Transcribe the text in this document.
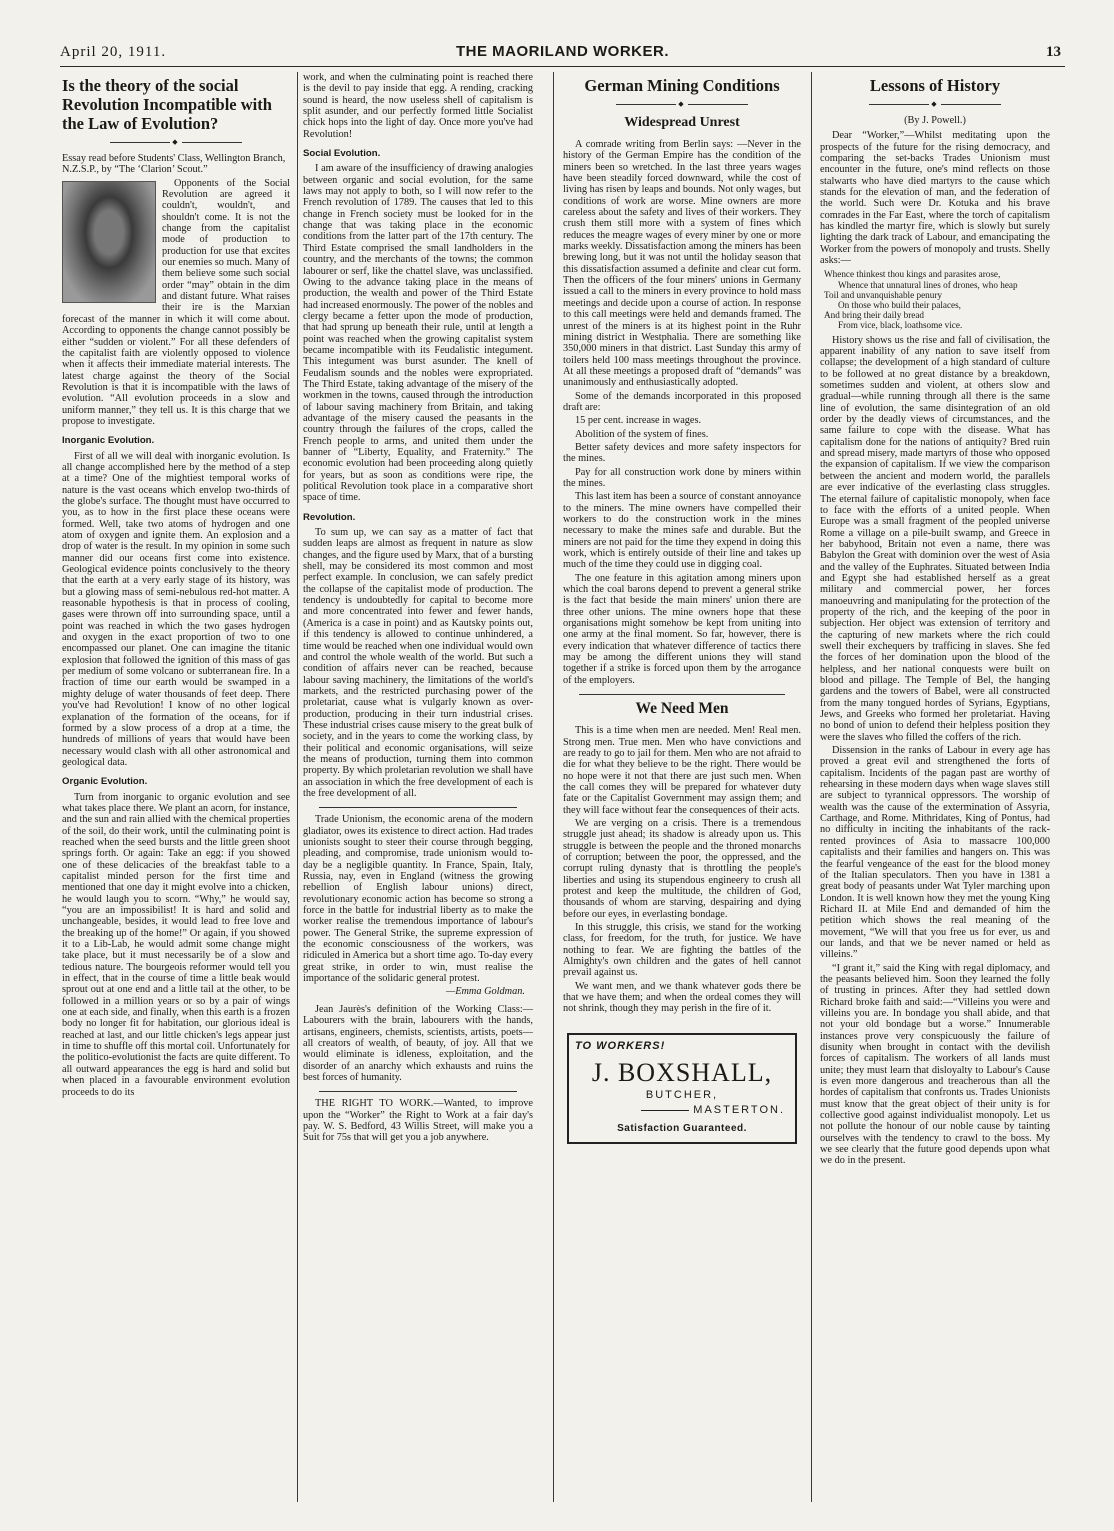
April 20, 1911.	THE MAORILAND WORKER.	13
Is the theory of the social Revolution Incompatible with the Law of Evolution?
◆

Essay read before Students' Class, Wellington Branch, N.Z.S.P., by “The ‘Clarion’ Scout.”

Opponents of the Social Revolution are agreed it couldn't, wouldn't, and shouldn't come. It is not the change from the capitalist mode of production to production for use that excites our enemies so much. Many of them believe some such social order “may” obtain in the dim and distant future. What raises their ire is the Marxian forecast of the manner in which it will come about. According to opponents the change cannot possibly be either “sudden or violent.” For all these defenders of the capitalist faith are violently opposed to violence when it affects their immediate material interests. The latest charge against the theory of the Social Revolution is that it is incompatible with the laws of evolution. “All evolution proceeds in a slow and uniform manner,” they tell us. It is this charge that we propose to investigate.

Inorganic Evolution.

First of all we will deal with inorganic evolution. Is all change accomplished here by the method of a step at a time? One of the mightiest temporal works of nature is the vast oceans which envelop two-thirds of the globe's surface. The thought must have occurred to you, as to how in the first place these oceans were formed. Well, take two atoms of hydrogen and one atom of oxygen and ignite them. An explosion and a drop of water is the result. In my opinion in some such manner did our oceans first come into existence. Geological evidence points conclusively to the theory that the earth at a very early stage of its history, was but a glowing mass of semi-nebulous red-hot matter. A reasonable hypothesis is that in process of cooling, gases were thrown off into surrounding space, until a point was reached in which the two gases hydrogen and oxygen in the exact proportion of two to one encompassed our planet. One can imagine the titanic explosion that followed the ignition of this mass of gas per medium of some volcano or subterranean fire. In a fraction of time our earth would be swamped in a mighty deluge of water thousands of feet deep. There you've had Revolution! I know of no other logical explanation of the formation of the oceans, for if formed by a slow process of a drop at a time, the hundreds of millions of years that would have been necessary would clash with all other astronomical and geological data.

Organic Evolution.

Turn from inorganic to organic evolution and see what takes place there. We plant an acorn, for instance, and the sun and rain allied with the chemical properties of the soil, do their work, until the culminating point is reached when the seed bursts and the little green shoot springs forth. Or again: Take an egg: if you showed one of these delicacies of the breakfast table to a capitalist minded person for the first time and mentioned that one day it might evolve into a chicken, he would laugh you to scorn. “Why,” he would say, “you are an impossibilist! It is hard and solid and unchangeable, besides, it would lead to free love and the breaking up of the home!” Or again, if you showed it to a Lib-Lab, he would admit some change might take place, but it must necessarily be of a slow and tedious nature. The bourgeois reformer would tell you in effect, that in the course of time a little beak would sprout out at one end and a little tail at the other, to be followed in a million years or so by a pair of wings one at each side, and finally, when this earth is a frozen body no longer fit for habitation, our glorious ideal is reached at last, and our little chicken's legs appear just in time to shuffle off this mortal coil. Unfortunately for the politico-evolutionist the facts are quite different. To all outward appearances the egg is hard and solid but when placed in a favourable environment evolution proceeds to do its

work, and when the culminating point is reached there is the devil to pay inside that egg. A rending, cracking sound is heard, the now useless shell of capitalism is split asunder, and our perfectly formed little Socialist chick hops into the light of day. Once more you've had Revolution!

Social Evolution.

I am aware of the insufficiency of drawing analogies between organic and social evolution, for the same laws may not apply to both, so I will now refer to the French revolution of 1789. The causes that led to this change in French society must be looked for in the change that was taking place in the economic conditions from the latter part of the 17th century. The Third Estate comprised the small landholders in the country, and the merchants of the towns; the common labourer or serf, like the chattel slave, was unclassified. Owing to the advance taking place in the means of production, the wealth and power of the Third Estate had increased enormously. The power of the nobles and clergy became a fetter upon the mode of production, that had sprung up beneath their rule, until at length a point was reached when the growing capitalist system became incompatible with its Feudalistic integument. This integument was burst asunder. The knell of Feudalism sounds and the nobles were expropriated. The Third Estate, taking advantage of the misery of the workmen in the towns, caused through the introduction of labour saving machinery from Britain, and taking advantage of the misery caused the peasants in the country through the failures of the crops, called the French people to arms, and united them under the banner of “Liberty, Equality, and Fraternity.” The economic evolution had been proceeding along quietly for years, but as soon as conditions were ripe, the political Revolution took place in a comparative short space of time.

Revolution.

To sum up, we can say as a matter of fact that sudden leaps are almost as frequent in nature as slow changes, and the figure used by Marx, that of a bursting shell, may be considered its most common and most perfect example. In conclusion, we can safely predict the collapse of the capitalist mode of production. The tendency is undoubtedly for capital to become more and more concentrated into fewer and fewer hands, (America is a case in point) and as Kautsky points out, if this tendency is allowed to continue unhindered, a time would be reached when one individual would own and control the whole wealth of the world. But such a condition of affairs never can be reached, because labour saving machinery, the limitations of the world's markets, and the restricted purchasing power of the proletariat, cause what is vulgarly known as over-production, producing in their turn industrial crises. These industrial crises cause misery to the great bulk of society, and in the years to come the working class, by their political and economic organisations, will seize the means of production, turning them into common property. By which proletarian revolution we shall have an association in which the free development of each is the free development of all.

Trade Unionism, the economic arena of the modern gladiator, owes its existence to direct action. Had trades unionists sought to steer their course through begging, pleading, and compromise, trade unionism would to-day be a negligible quantity. In France, Spain, Italy, Russia, nay, even in England (witness the growing rebellion of English labour unions) direct, revolutionary economic action has become so strong a force in the battle for industrial liberty as to make the worker realise the tremendous importance of labour's power. The General Strike, the supreme expression of the economic consciousness of the workers, was ridiculed in America but a short time ago. To-day every great strike, in order to win, must realise the importance of the solidaric general protest.

—Emma Goldman.

Jean Jaurès's definition of the Working Class:—Labourers with the brain, labourers with the hands, artisans, engineers, chemists, scientists, artists, poets—all creators of wealth, of beauty, of joy. All that we would eliminate is idleness, exploitation, and the disorder of an anarchy which exhausts and ruins the best forces of humanity.

THE RIGHT TO WORK.—Wanted, to improve upon the “Worker” the Right to Work at a fair day's pay. W. S. Bedford, 43 Willis Street, will make you a Suit for 75s that will get you a job anywhere.

German Mining Conditions
◆
Widespread Unrest

A comrade writing from Berlin says: —Never in the history of the German Empire has the condition of the miners been so wretched. In the last three years wages have been steadily forced downward, while the cost of living has risen by leaps and bounds. Not only wages, but conditions of work are worse. Mine owners are more careless about the safety and lives of their workers. They crush them still more with a system of fines which reduces the meagre wages of every miner by one or more marks weekly. Dissatisfaction among the miners has been brewing long, but it was not until the holiday season that this dissatisfaction assumed a definite and clear cut form. Then the officers of the four miners' unions in Germany issued a call to the miners in every province to hold mass meetings and decide upon a course of action. In response to this call meetings were held and demands framed. The unrest of the miners is at its highest point in the Ruhr mining district in Westphalia. There are something like 350,000 miners in that district. Last Sunday this army of toilers held 100 mass meetings throughout the province. At all these meetings a proposed draft of “demands” was unanimously and enthusiastically adopted.

Some of the demands incorporated in this proposed draft are:

15 per cent. increase in wages.

Abolition of the system of fines.

Better safety devices and more safety inspectors for the mines.

Pay for all construction work done by miners within the mines.

This last item has been a source of constant annoyance to the miners. The mine owners have compelled their workers to do the construction work in the mines necessary to make the mines safe and durable. But the miners are not paid for the time they expend in doing this work, which is entirely outside of their line and takes up much of the time they could use in digging coal.

The one feature in this agitation among miners upon which the coal barons depend to prevent a general strike is the fact that beside the main miners' union there are three other unions. The mine owners hope that these organisations might somehow be kept from uniting into one army at the final moment. So far, however, there is every indication that whatever difference of tactics there may be among the different unions they will stand together if a strike is forced upon them by the arrogance of the employers.

We Need Men

This is a time when men are needed. Men! Real men. Strong men. True men. Men who have convictions and are ready to go to jail for them. Men who are not afraid to die for what they believe to be the right. There would be no hope were it not that there are just such men. When the call comes they will be prepared for whatever duty fate or the Capitalist Government may assign them; and they will face without fear the consequences of their acts.

We are verging on a crisis. There is a tremendous struggle just ahead; its shadow is already upon us. This struggle is between the people and the throned monarchs of corruption; between the poor, the oppressed, and the corrupt ruling dynasty that is throttling the people's liberties and using its stupendous engineery to crush all protest and keep the multitude, the children of God, thousands of whom are starving, despairing and dying before our eyes, in everlasting bondage.

In this struggle, this crisis, we stand for the working class, for freedom, for the truth, for justice. We have nothing to fear. We are fighting the battles of the Almighty's own children and the gates of hell cannot prevail against us.

We want men, and we thank whatever gods there be that we have them; and when the ordeal comes they will not shrink, though they may perish in the fire of it.

TO WORKERS!
J. BOXSHALL,
BUTCHER,
MASTERTON.
Satisfaction Guaranteed.
Lessons of History
◆
(By J. Powell.)

Dear “Worker,”—Whilst meditating upon the prospects of the future for the rising democracy, and comparing the set-backs Trades Unionism must encounter in the future, one's mind reflects on those stalwarts who have died martyrs to the cause which stands for the elevation of man, and the federation of the world. Such were Dr. Kotuka and his brave comrades in the Far East, where the torch of capitalism has kindled the martyr fire, which is slowly but surely lighting the dark track of Labour, and emancipating the Worker from the powers of monopoly and trusts. Shelly asks:—

Whence thinkest thou kings and parasites arose,
Whence that unnatural lines of drones, who heap
Toil and unvanquishable penury
On those who build their palaces,
And bring their daily bread
From vice, black, loathsome vice.

History shows us the rise and fall of civilisation, the apparent inability of any nation to save itself from collapse; the development of a high standard of culture to be followed at no great distance by a breakdown, sometimes sudden and violent, at others slow and gradual—while running through all there is the same line of evolution, the same disintegration of an old order by the deadly views of circumstances, and the same failure to cope with the disease. What has capitalism done for the nations of antiquity? Bred ruin and spread misery, made martyrs of those who opposed the expansion of capitalism. If we view the comparison between the ancient and modern world, the parallels are ever indicative of the everlasting class struggles. The eternal failure of capitalistic monopoly, when face to face with the efforts of a united people. When Europe was a small fragment of the peopled universe Rome a village on a pile-built swamp, and Greece in her babyhood, Britain not even a name, there was Babylon the Great with dominion over the west of Asia and the valley of the Euphrates. Situated between India and Egypt she had established herself as a great military and commercial power, her forces manoeuvring and manipulating for the protection of the property of the rich, and the keeping of the poor in subjection. Her object was extension of territory and the capturing of new markets where the rich could swell their exchequers by trafficing in slaves. She fed the forces of her domination upon the blood of the helpless, and her national conquests were built on blood and pillage. The Temple of Bel, the hanging gardens and the towers of Babel, were all constructed from the many tongued hordes of Syrians, Egyptians, Jews, and Greeks who formed her proletariat. Having no bond of union to defend their helpless position they were the slaves who filled the coffers of the rich.

Dissension in the ranks of Labour in every age has proved a great evil and strengthened the forts of capitalism. Incidents of the pagan past are worthy of rehearsing in these modern days when wage slaves still are subject to tyrannical oppressors. The worship of wealth was the cause of the extermination of Assyria, Carthage, and Rome. Mithridates, King of Pontus, had no difficulty in inciting the inhabitants of the rack-rented provinces of Asia to massacre 100,000 capitalists and their families and hangers on. This was the fearful vengeance of the east for the blood money of the Italian speculators. Then you have in 1381 a great body of peasants under Wat Tyler marching upon London. It is well known how they met the young King Richard II. at Mile End and demanded of him the petition which shows the real meaning of the movement, “We will that you free us for ever, us and our lands, and that we be never named or held as villeins.”

“I grant it,” said the King with regal diplomacy, and the peasants believed him. Soon they learned the folly of trusting in princes. After they had settled down Richard broke faith and said:—“Villeins you were and villeins you are. In bondage you shall abide, and that not your old bondage but a worse.” Innumerable instances prove very conspicuously the failure of disunity when brought in contact with the devilish forces of capitalism. The workers of all lands must unite; they must learn that disloyalty to Labour's Cause is even more dangerous and treacherous than all the hordes of capitalism that confronts us. Trades Unionists must know that the great object of their unity is for collective good against individualist monopoly. Let us not pollute the honour of our noble cause by tainting ourselves with the tendency to crawl to the boss. My we see clearly that the future good depends upon what we do in the present.
